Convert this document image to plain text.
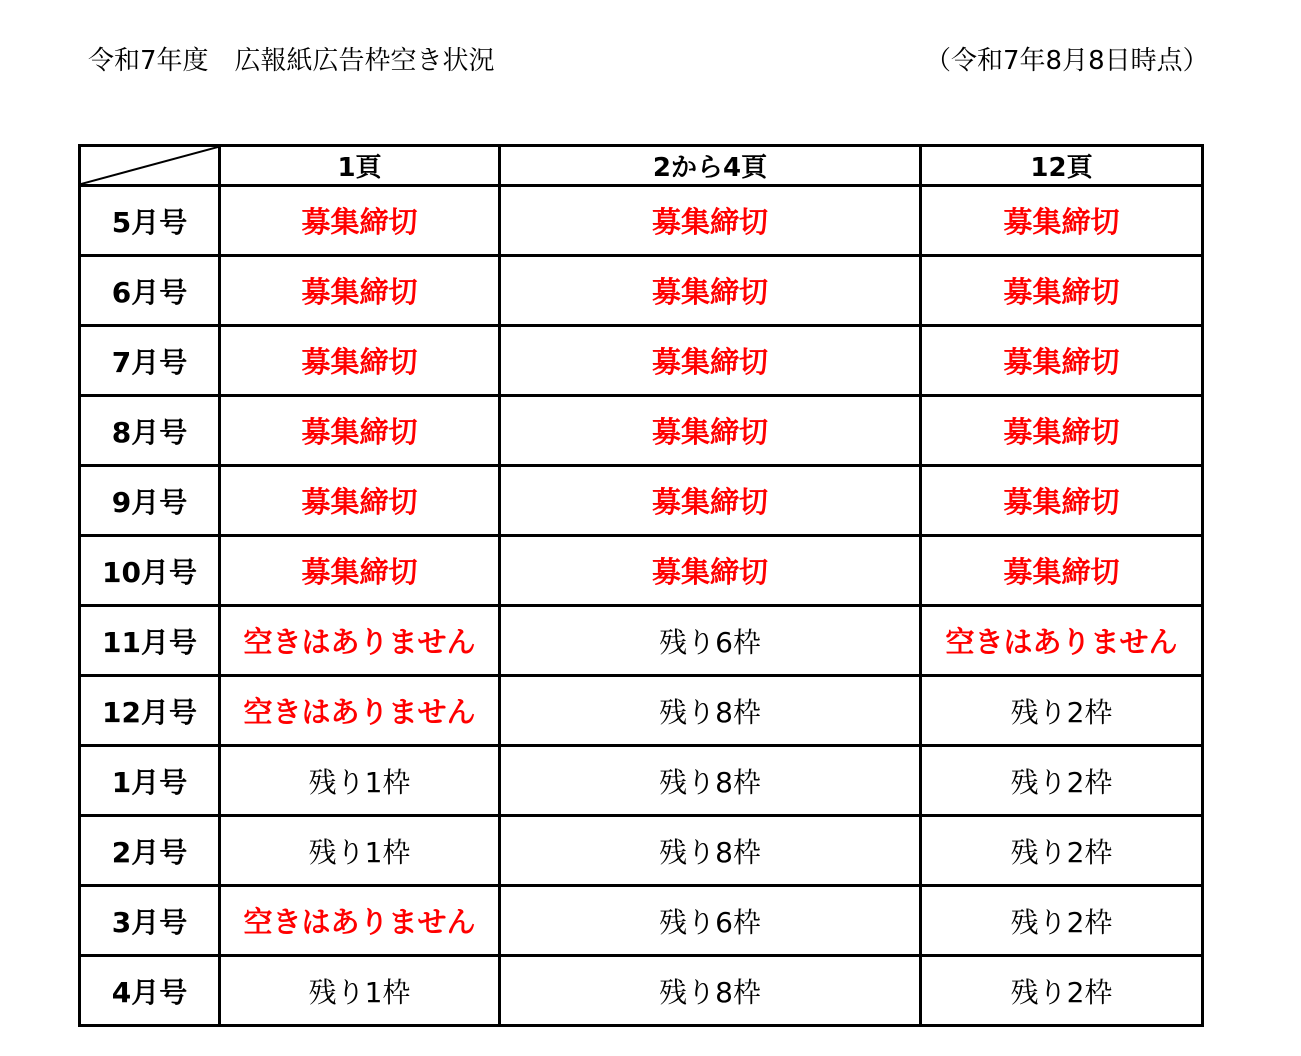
令和7年度　広報紙広告枠空き状況	（令和7年8月8日時点）
	1頁	2から4頁	12頁
5月号	募集締切	募集締切	募集締切
6月号	募集締切	募集締切	募集締切
7月号	募集締切	募集締切	募集締切
8月号	募集締切	募集締切	募集締切
9月号	募集締切	募集締切	募集締切
10月号	募集締切	募集締切	募集締切
11月号	空きはありません	残り6枠	空きはありません
12月号	空きはありません	残り8枠	残り2枠
1月号	残り1枠	残り8枠	残り2枠
2月号	残り1枠	残り8枠	残り2枠
3月号	空きはありません	残り6枠	残り2枠
4月号	残り1枠	残り8枠	残り2枠
